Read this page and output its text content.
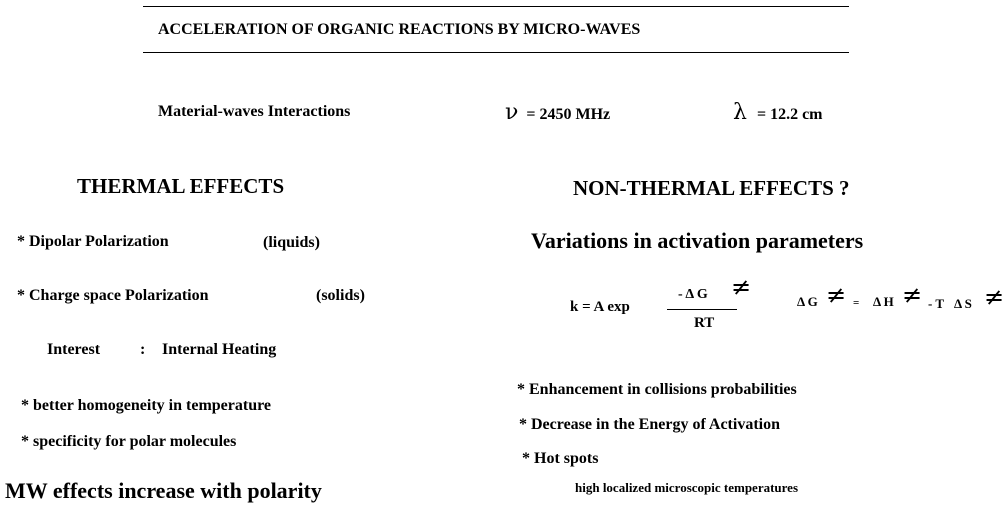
ACCELERATION OF ORGANIC REACTIONS BY MICRO-WAVES
Material-waves Interactions	ν = 2450 MHz	λ = 12.2 cm
THERMAL EFFECTS
* Dipolar Polarization	(liquids)
* Charge space Polarization	(solids)
Interest : Internal Heating
* better homogeneity in temperature
* specificity for polar molecules
MW effects increase with polarity
NON-THERMAL EFFECTS ?
Variations in activation parameters
k = A exp
- Δ G ≠
RT
Δ G ≠ = Δ H ≠ - T Δ S ≠
* Enhancement in collisions probabilities
* Decrease in the Energy of Activation
* Hot spots
high localized microscopic temperatures
